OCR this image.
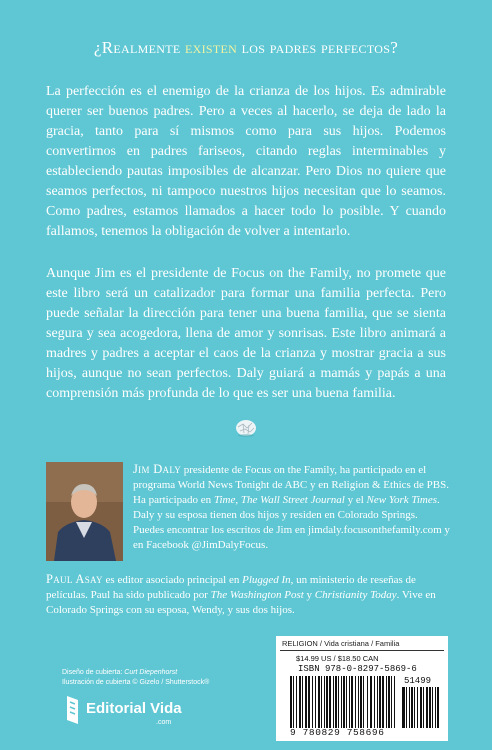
¿Realmente existen los padres perfectos?

La perfección es el enemigo de la crianza de los hijos. Es admirable querer ser buenos padres. Pero a veces al hacerlo, se deja de lado la gracia, tanto para sí mismos como para sus hijos. Podemos convertirnos en padres fariseos, citando reglas interminables y estableciendo pautas imposibles de alcanzar. Pero Dios no quiere que seamos perfectos, ni tampoco nuestros hijos necesitan que lo seamos. Como padres, estamos llamados a hacer todo lo posible. Y cuando fallamos, tenemos la obligación de volver a intentarlo.

Aunque Jim es el presidente de Focus on the Family, no promete que este libro será un catalizador para formar una familia perfecta. Pero puede señalar la dirección para tener una buena familia, que se sienta segura y sea acogedora, llena de amor y sonrisas. Este libro animará a madres y padres a aceptar el caos de la crianza y mostrar gracia a sus hijos, aunque no sean perfectos. Daly guiará a mamás y papás a una comprensión más profunda de lo que es ser una buena familia.

Jim Daly presidente de Focus on the Family, ha participado en el programa World News Tonight de ABC y en Religion & Ethics de PBS. Ha participado en Time, The Wall Street Journal y el New York Times. Daly y su esposa tienen dos hijos y residen en Colorado Springs. Puedes encontrar los escritos de Jim en jimdaly.focusonthefamily.com y en Facebook @JimDalyFocus.

Paul Asay es editor asociado principal en Plugged In, un ministerio de reseñas de películas. Paul ha sido publicado por The Washington Post y Christianity Today. Vive en Colorado Springs con su esposa, Wendy, y sus dos hijos.

Diseño de cubierta: Curt Diepenhorst
Ilustración de cubierta © Gizelo / Shutterstock®
Editorial Vida
.com
RELIGION / Vida cristiana / Familia
$14.99 US / $18.50 CAN
ISBN 978-0-8297-5869-6
51499
9 780829 758696
